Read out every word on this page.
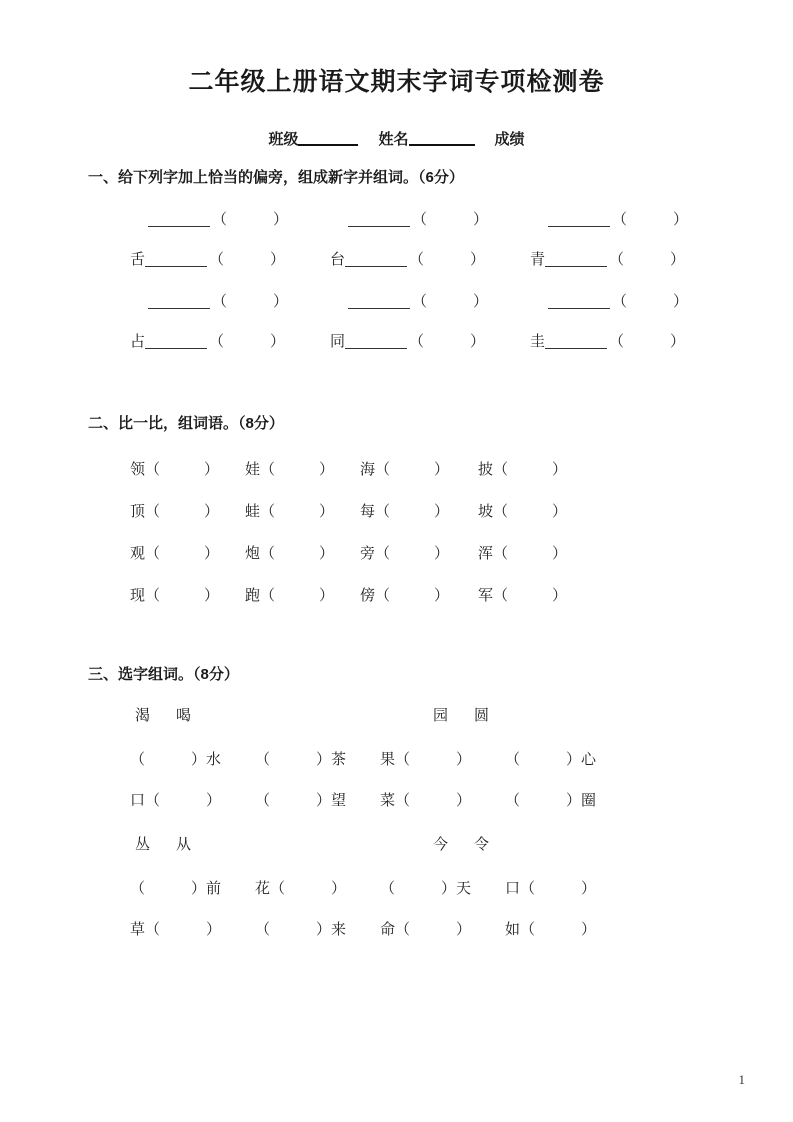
二年级上册语文期末字词专项检测卷
班级	姓名	成绩
一、给下列字加上恰当的偏旁，组成新字并组词。（6分）
（	）	（	）	（	）
舌	（	）	台	（	）	青	（	）
（	）	（	）	（	）
占	（	）	同	（	）	圭	（	）
二、比一比，组词语。（8分）
领（	） 娃（	） 海（	） 披（	）
顶（	） 蛙（	） 每（	） 坡（	）
观（	） 炮（	） 旁（	） 浑（	）
现（	） 跑（	） 傍（	） 军（	）
三、选字组词。（8分）
渴 喝	园 圆
（	）水 （	）茶 果（	） （	）心
口（	） （	）望 菜（	） （	）圈
丛 从	今 令
（	）前 花（	） （	）天 口（	）
草（	） （	）来 命（	） 如（	）
1
